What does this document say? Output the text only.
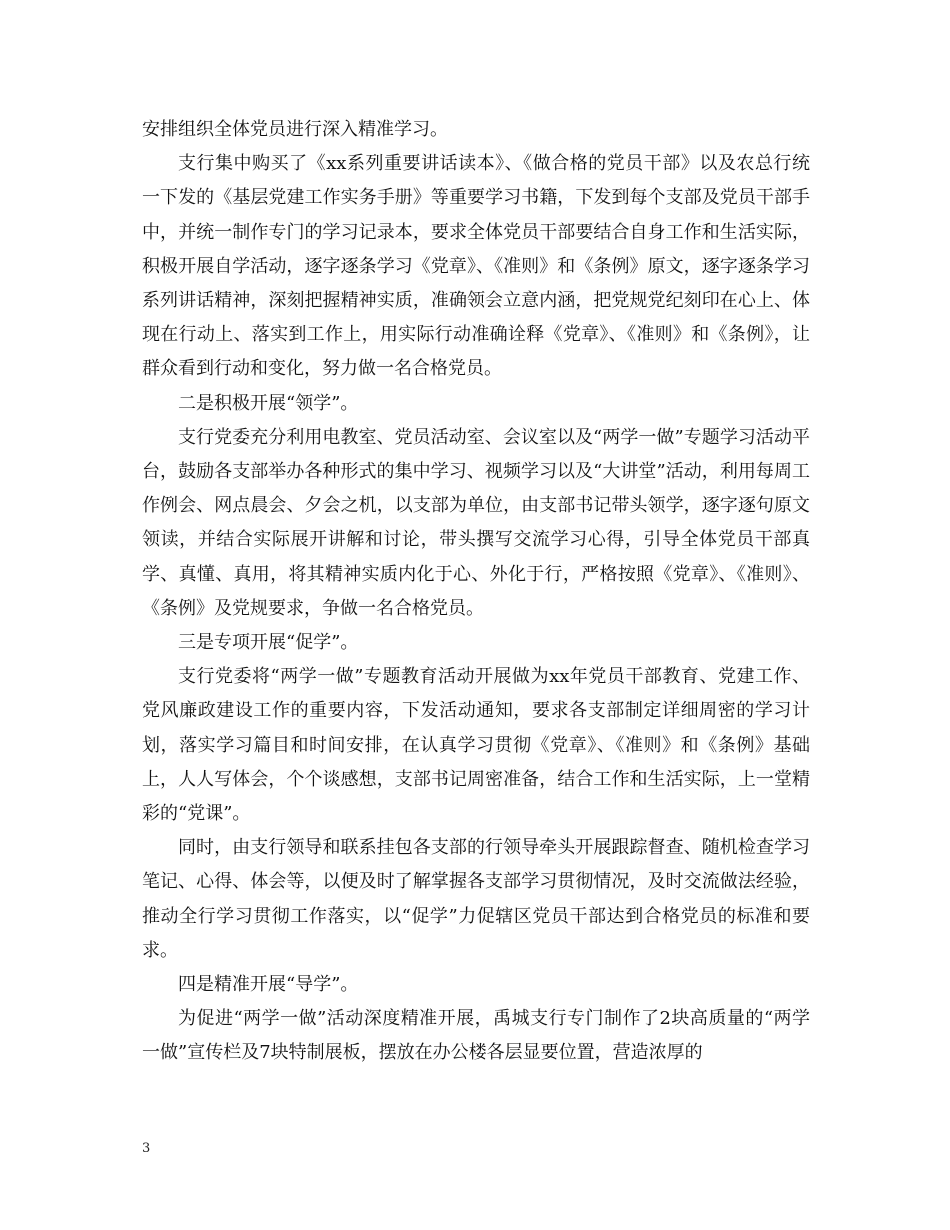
安排组织全体党员进行深入精准学习。

支行集中购买了《xx系列重要讲话读本》、《做合格的党员干部》以及农总行统一下发的《基层党建工作实务手册》等重要学习书籍，下发到每个支部及党员干部手中，并统一制作专门的学习记录本，要求全体党员干部要结合自身工作和生活实际，积极开展自学活动，逐字逐条学习《党章》、《准则》和《条例》原文，逐字逐条学习系列讲话精神，深刻把握精神实质，准确领会立意内涵，把党规党纪刻印在心上、体现在行动上、落实到工作上，用实际行动准确诠释《党章》、《准则》和《条例》，让群众看到行动和变化，努力做一名合格党员。

二是积极开展“领学”。

支行党委充分利用电教室、党员活动室、会议室以及“两学一做”专题学习活动平台，鼓励各支部举办各种形式的集中学习、视频学习以及“大讲堂”活动，利用每周工作例会、网点晨会、夕会之机，以支部为单位，由支部书记带头领学，逐字逐句原文领读，并结合实际展开讲解和讨论，带头撰写交流学习心得，引导全体党员干部真学、真懂、真用，将其精神实质内化于心、外化于行，严格按照《党章》、《准则》、《条例》及党规要求，争做一名合格党员。

三是专项开展“促学”。

支行党委将“两学一做”专题教育活动开展做为xx年党员干部教育、党建工作、党风廉政建设工作的重要内容，下发活动通知，要求各支部制定详细周密的学习计划，落实学习篇目和时间安排，在认真学习贯彻《党章》、《准则》和《条例》基础上，人人写体会，个个谈感想，支部书记周密准备，结合工作和生活实际，上一堂精彩的“党课”。

同时，由支行领导和联系挂包各支部的行领导牵头开展跟踪督查、随机检查学习笔记、心得、体会等，以便及时了解掌握各支部学习贯彻情况，及时交流做法经验，推动全行学习贯彻工作落实，以“促学”力促辖区党员干部达到合格党员的标准和要求。

四是精准开展“导学”。

为促进“两学一做”活动深度精准开展，禹城支行专门制作了2块高质量的“两学一做”宣传栏及7块特制展板，摆放在办公楼各层显要位置，营造浓厚的

3
